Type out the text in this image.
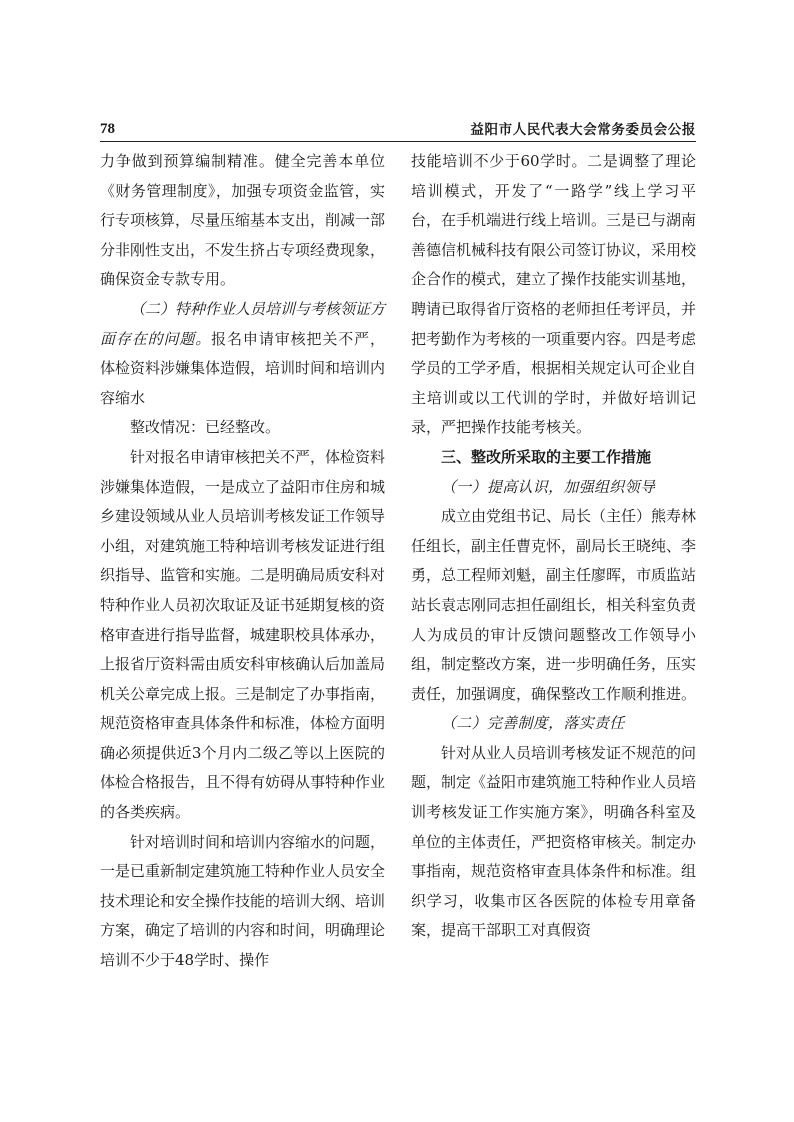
78	益阳市人民代表大会常务委员会公报

力争做到预算编制精准。健全完善本单位《财务管理制度》，加强专项资金监管，实行专项核算，尽量压缩基本支出，削减一部分非刚性支出，不发生挤占专项经费现象，确保资金专款专用。

（二）特种作业人员培训与考核领证方面存在的问题。报名申请审核把关不严，体检资料涉嫌集体造假，培训时间和培训内容缩水

整改情况：已经整改。

针对报名申请审核把关不严，体检资料涉嫌集体造假，一是成立了益阳市住房和城乡建设领域从业人员培训考核发证工作领导小组，对建筑施工特种培训考核发证进行组织指导、监管和实施。二是明确局质安科对特种作业人员初次取证及证书延期复核的资格审查进行指导监督，城建职校具体承办，上报省厅资料需由质安科审核确认后加盖局机关公章完成上报。三是制定了办事指南，规范资格审查具体条件和标准，体检方面明确必须提供近3个月内二级乙等以上医院的体检合格报告，且不得有妨碍从事特种作业的各类疾病。

针对培训时间和培训内容缩水的问题，一是已重新制定建筑施工特种作业人员安全技术理论和安全操作技能的培训大纲、培训方案，确定了培训的内容和时间，明确理论培训不少于48学时、操作

技能培训不少于60学时。二是调整了理论培训模式，开发了“一路学”线上学习平台，在手机端进行线上培训。三是已与湖南善德信机械科技有限公司签订协议，采用校企合作的模式，建立了操作技能实训基地，聘请已取得省厅资格的老师担任考评员，并把考勤作为考核的一项重要内容。四是考虑学员的工学矛盾，根据相关规定认可企业自主培训或以工代训的学时，并做好培训记录，严把操作技能考核关。

三、整改所采取的主要工作措施

（一）提高认识，加强组织领导

成立由党组书记、局长（主任）熊寿林任组长，副主任曹克怀，副局长王晓纯、李勇，总工程师刘魁，副主任廖晖，市质监站站长袁志刚同志担任副组长，相关科室负责人为成员的审计反馈问题整改工作领导小组，制定整改方案，进一步明确任务，压实责任，加强调度，确保整改工作顺利推进。

（二）完善制度，落实责任

针对从业人员培训考核发证不规范的问题，制定《益阳市建筑施工特种作业人员培训考核发证工作实施方案》，明确各科室及单位的主体责任，严把资格审核关。制定办事指南，规范资格审查具体条件和标准。组织学习，收集市区各医院的体检专用章备案，提高干部职工对真假资
